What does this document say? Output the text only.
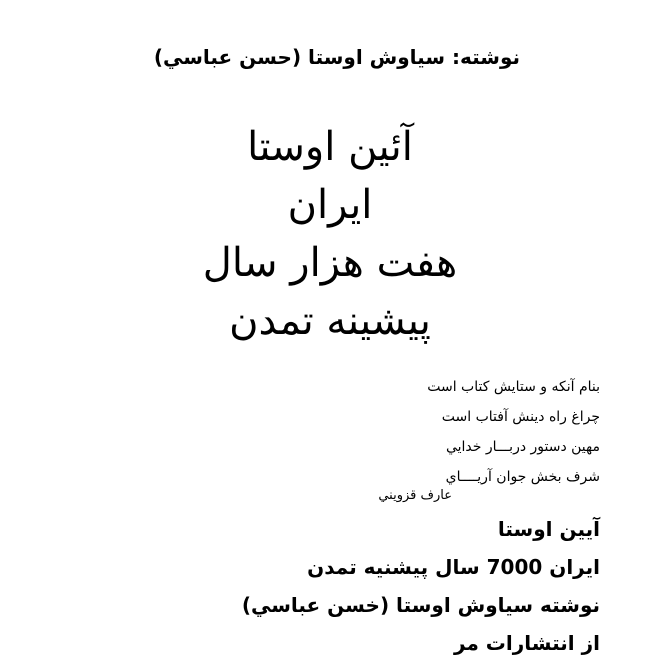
نوشته: سياوش اوستا (حسن عباسي)
آئين اوستا
ايران
هفت هزار سال
پيشينه تمدن
بنام آنکه و ستايش کتاب است
چراغ راه دينش آفتاب است
مهين دستور دربـــار خدايي
شرف بخش جوان آريــــاي
عارف قزويني
آيين اوستا
ايران 7000 سال پيشنيه تمدن
نوشته سياوش اوستا (خسن عباسي)
از انتشارات مر
